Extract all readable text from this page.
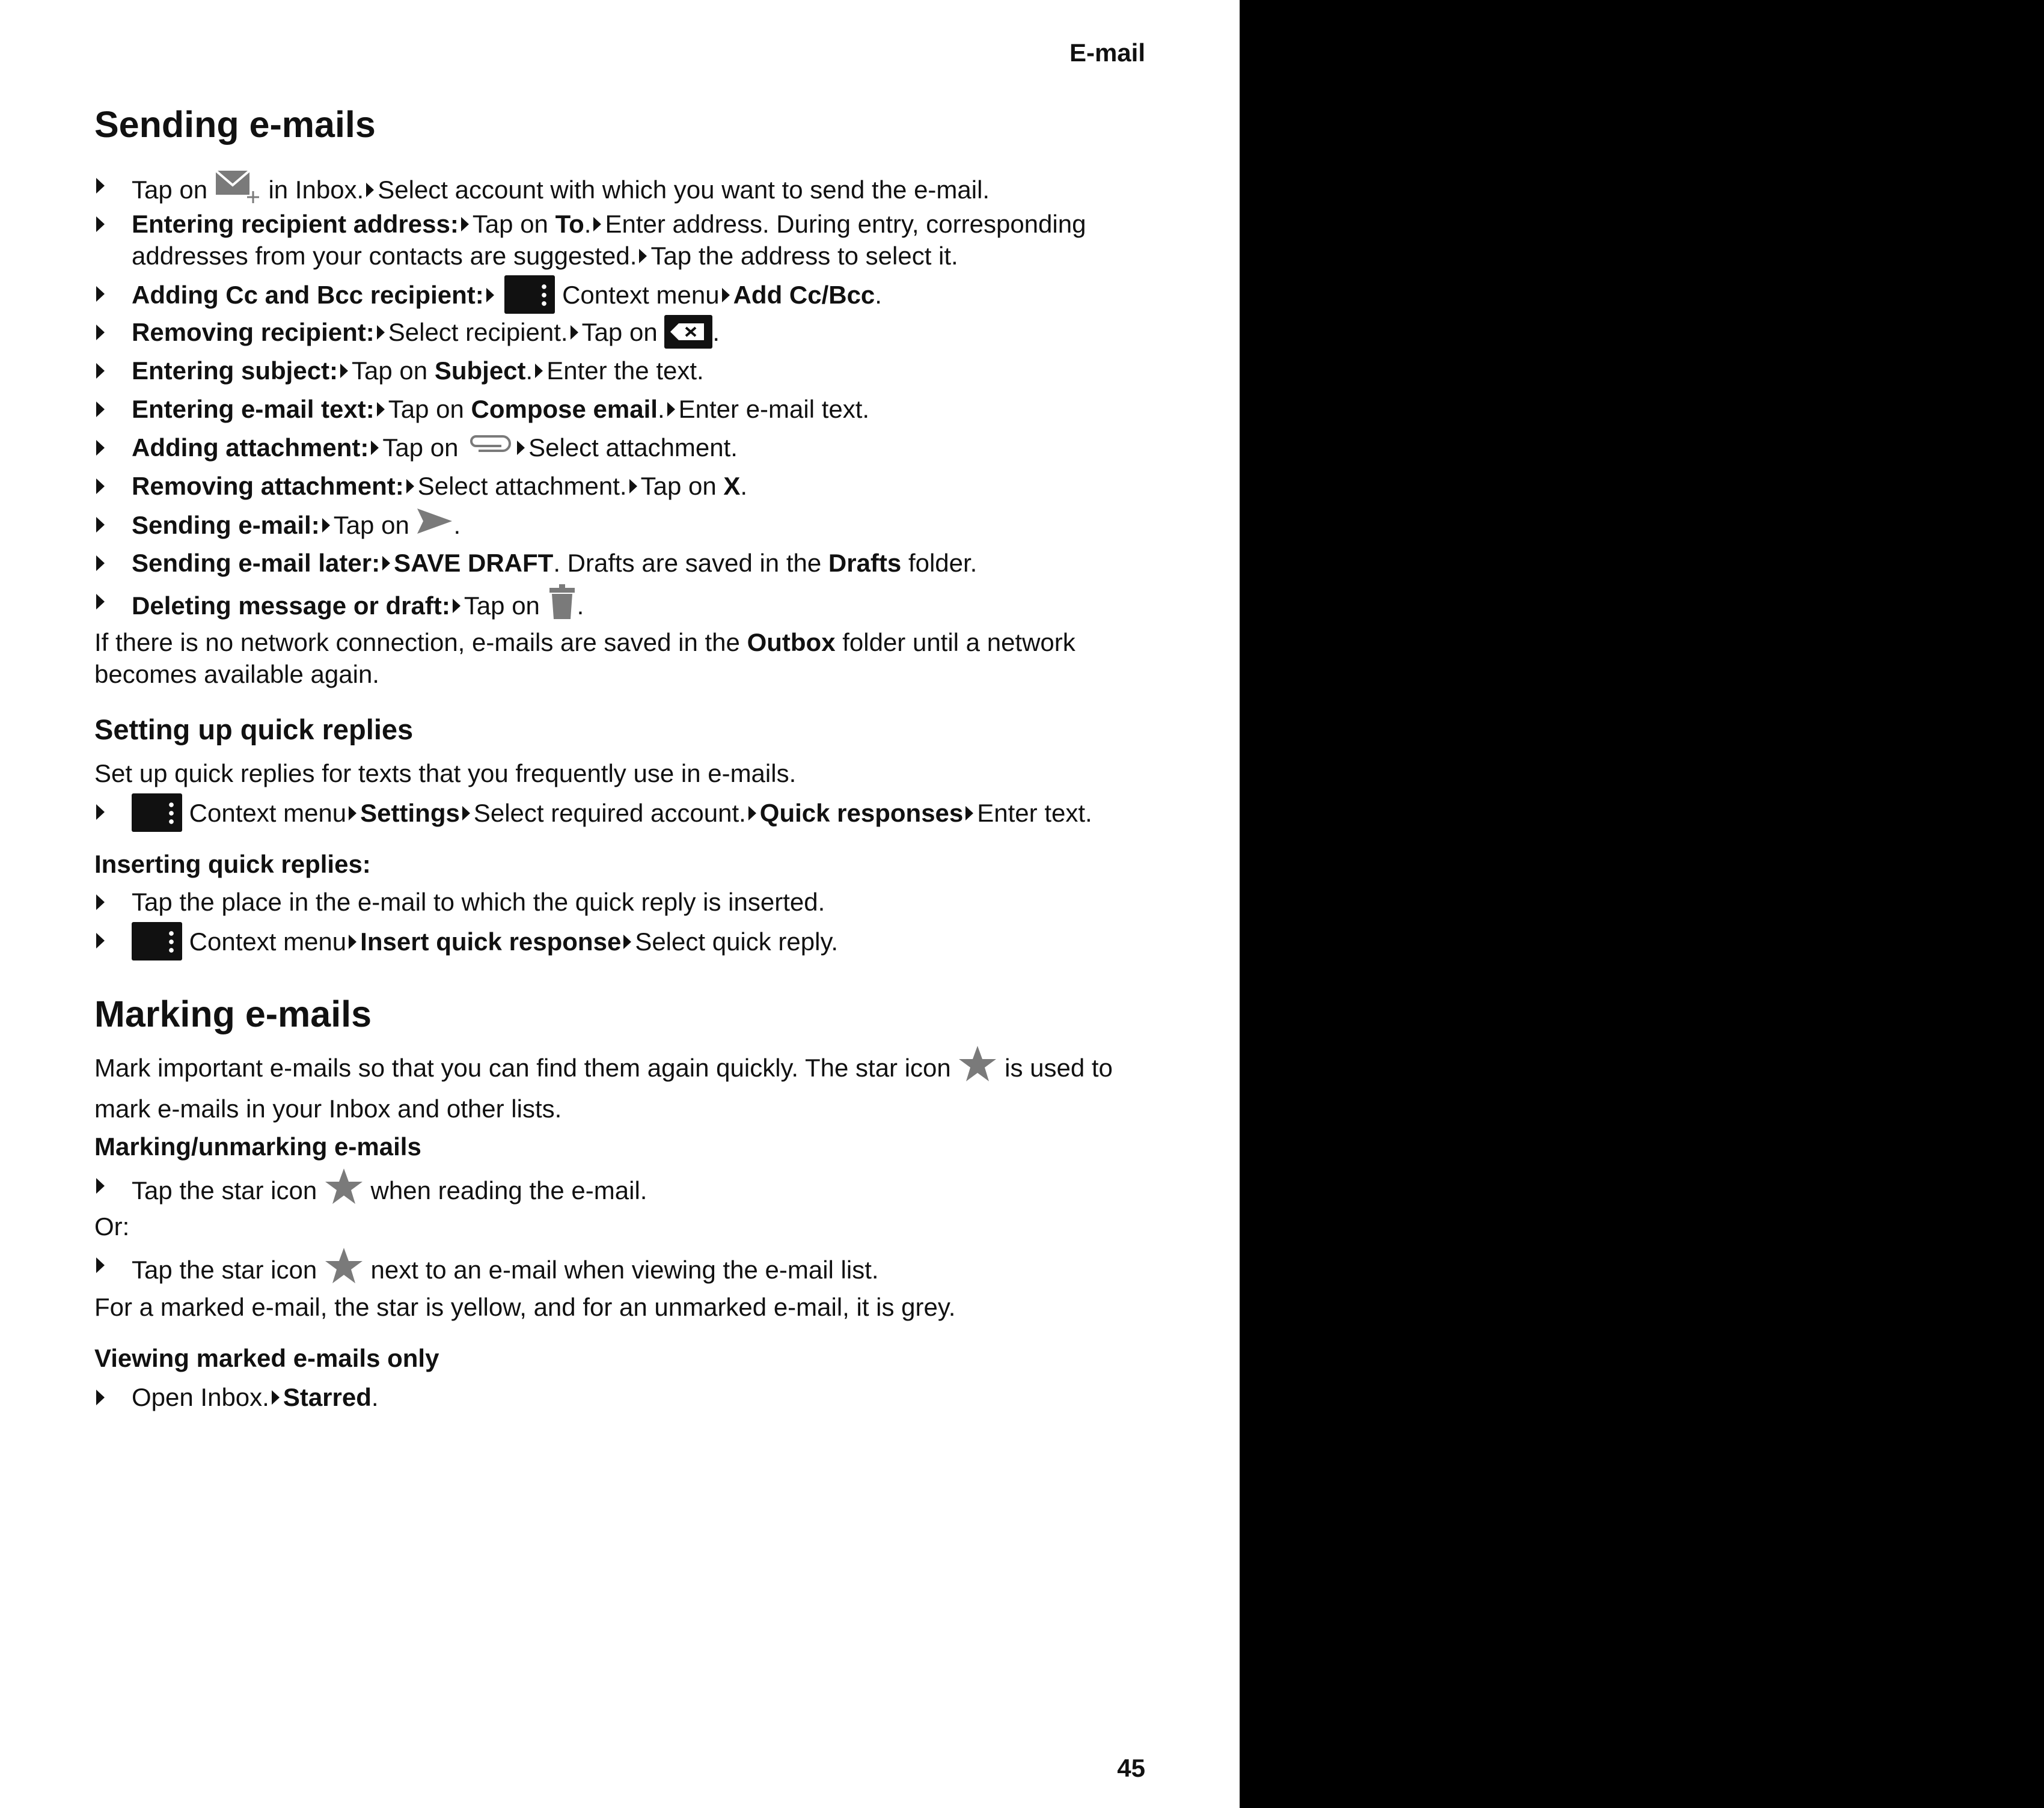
E-mail
Sending e-mails
Tap on in Inbox. Select account with which you want to send the e-mail.
Entering recipient address: Tap on To. Enter address. During entry, corresponding addresses from your contacts are suggested. Tap the address to select it.
Adding Cc and Bcc recipient:	Context menu Add Cc/Bcc.
Removing recipient: Select recipient. Tap on .
Entering subject: Tap on Subject. Enter the text.
Entering e-mail text: Tap on Compose email. Enter e-mail text.
Adding attachment: Tap on	Select attachment.
Removing attachment: Select attachment. Tap on X.
Sending e-mail: Tap on .
Sending e-mail later: SAVE DRAFT. Drafts are saved in the Drafts folder.
Deleting message or draft: Tap on .

If there is no network connection, e-mails are saved in the Outbox folder until a network becomes available again.

Setting up quick replies

Set up quick replies for texts that you frequently use in e-mails.

Context menu Settings Select required account. Quick responses Enter text.
Inserting quick replies:
Tap the place in the e-mail to which the quick reply is inserted.
Context menu Insert quick response Select quick reply.
Marking e-mails

Mark important e-mails so that you can find them again quickly. The star icon is used to mark e-mails in your Inbox and other lists.

Marking/unmarking e-mails
Tap the star icon when reading the e-mail.

Or:

Tap the star icon next to an e-mail when viewing the e-mail list.

For a marked e-mail, the star is yellow, and for an unmarked e-mail, it is grey.

Viewing marked e-mails only
Open Inbox. Starred.
45
